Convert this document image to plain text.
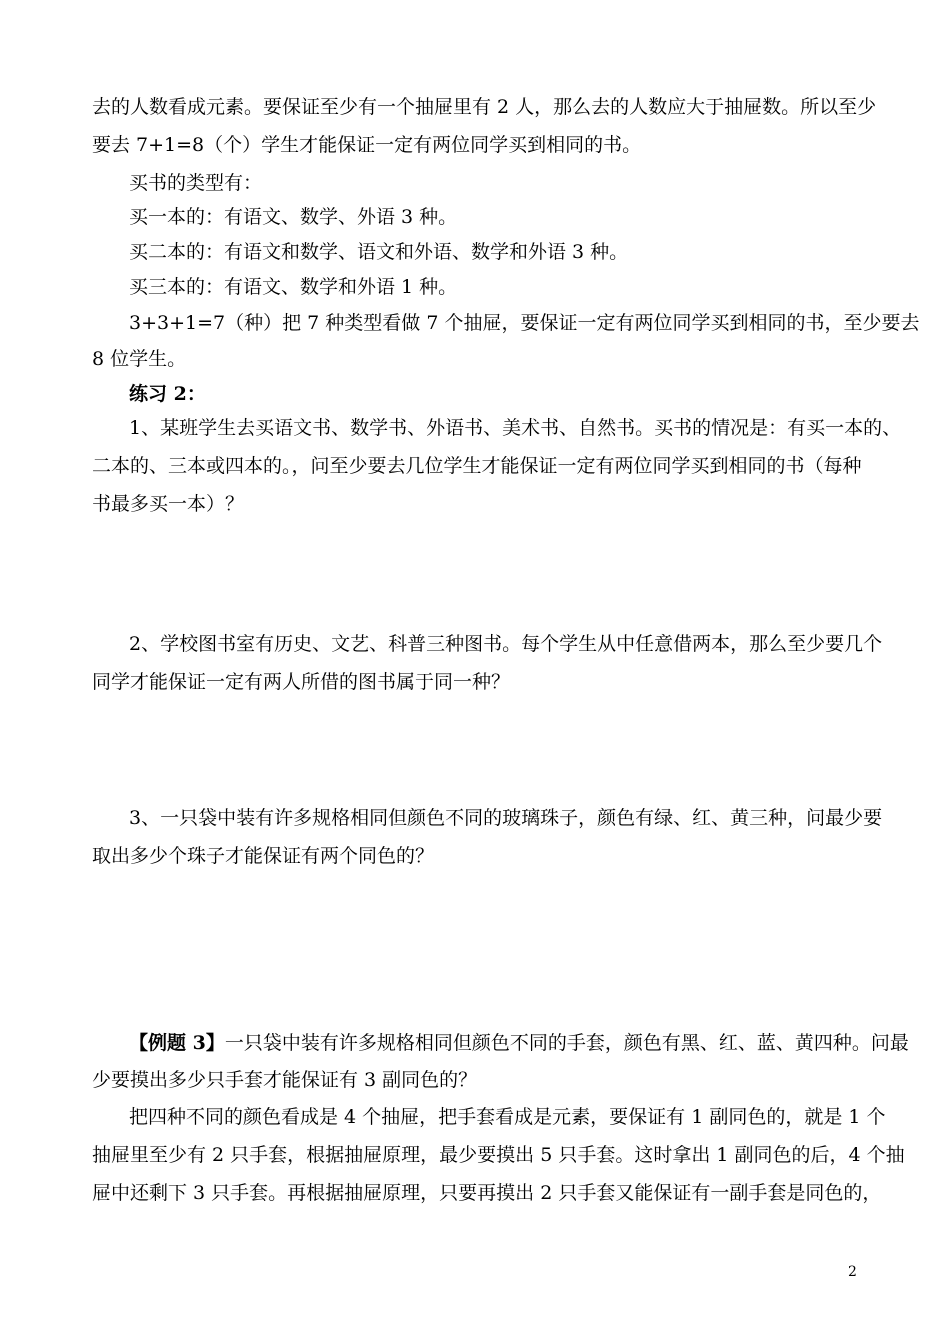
去的人数看成元素。要保证至少有一个抽屉里有 2 人，那么去的人数应大于抽屉数。所以至少
要去 7+1=8（个）学生才能保证一定有两位同学买到相同的书。
买书的类型有：
买一本的：有语文、数学、外语 3 种。
买二本的：有语文和数学、语文和外语、数学和外语 3 种。
买三本的：有语文、数学和外语 1 种。
3+3+1=7（种）把 7 种类型看做 7 个抽屉，要保证一定有两位同学买到相同的书，至少要去
8 位学生。
练习 2：
1、某班学生去买语文书、数学书、外语书、美术书、自然书。买书的情况是：有买一本的、
二本的、三本或四本的。，问至少要去几位学生才能保证一定有两位同学买到相同的书（每种
书最多买一本）？
2、学校图书室有历史、文艺、科普三种图书。每个学生从中任意借两本，那么至少要几个
同学才能保证一定有两人所借的图书属于同一种？
3、一只袋中装有许多规格相同但颜色不同的玻璃珠子，颜色有绿、红、黄三种，问最少要
取出多少个珠子才能保证有两个同色的？
【例题 3】一只袋中装有许多规格相同但颜色不同的手套，颜色有黑、红、蓝、黄四种。问最
少要摸出多少只手套才能保证有 3 副同色的？
把四种不同的颜色看成是 4 个抽屉，把手套看成是元素，要保证有 1 副同色的，就是 1 个
抽屉里至少有 2 只手套，根据抽屉原理，最少要摸出 5 只手套。这时拿出 1 副同色的后，4 个抽
屉中还剩下 3 只手套。再根据抽屉原理，只要再摸出 2 只手套又能保证有一副手套是同色的，
2
